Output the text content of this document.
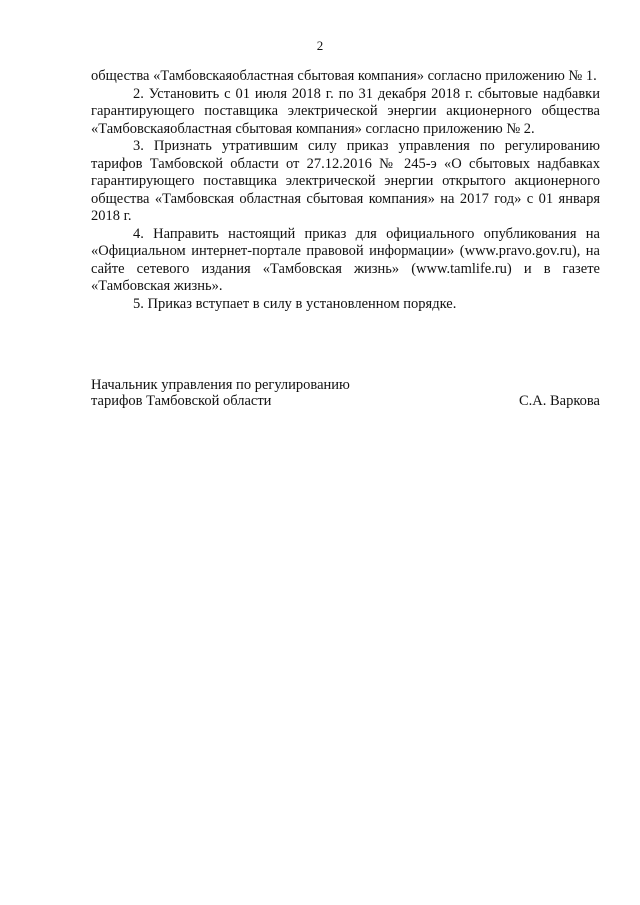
2

общества «Тамбовскаяобластная сбытовая компания» согласно приложению № 1.

2. Установить с 01 июля 2018 г. по 31 декабря 2018 г. сбытовые надбавки гарантирующего поставщика электрической энергии акционерного общества «Тамбовскаяобластная сбытовая компания» согласно приложению № 2.

3. Признать утратившим силу приказ управления по регулированию тарифов Тамбовской области от 27.12.2016 № 245-э «О сбытовых надбавках гарантирующего поставщика электрической энергии открытого акционерного общества «Тамбовская областная сбытовая компания» на 2017 год» с 01 января 2018 г.

4. Направить настоящий приказ для официального опубликования на «Официальном интернет-портале правовой информации» (www.pravo.gov.ru), на сайте сетевого издания «Тамбовская жизнь» (www.tamlife.ru) и в газете «Тамбовская жизнь».

5. Приказ вступает в силу в установленном порядке.

Начальник управления по регулированию
тарифов Тамбовской области	С.А. Варкова
